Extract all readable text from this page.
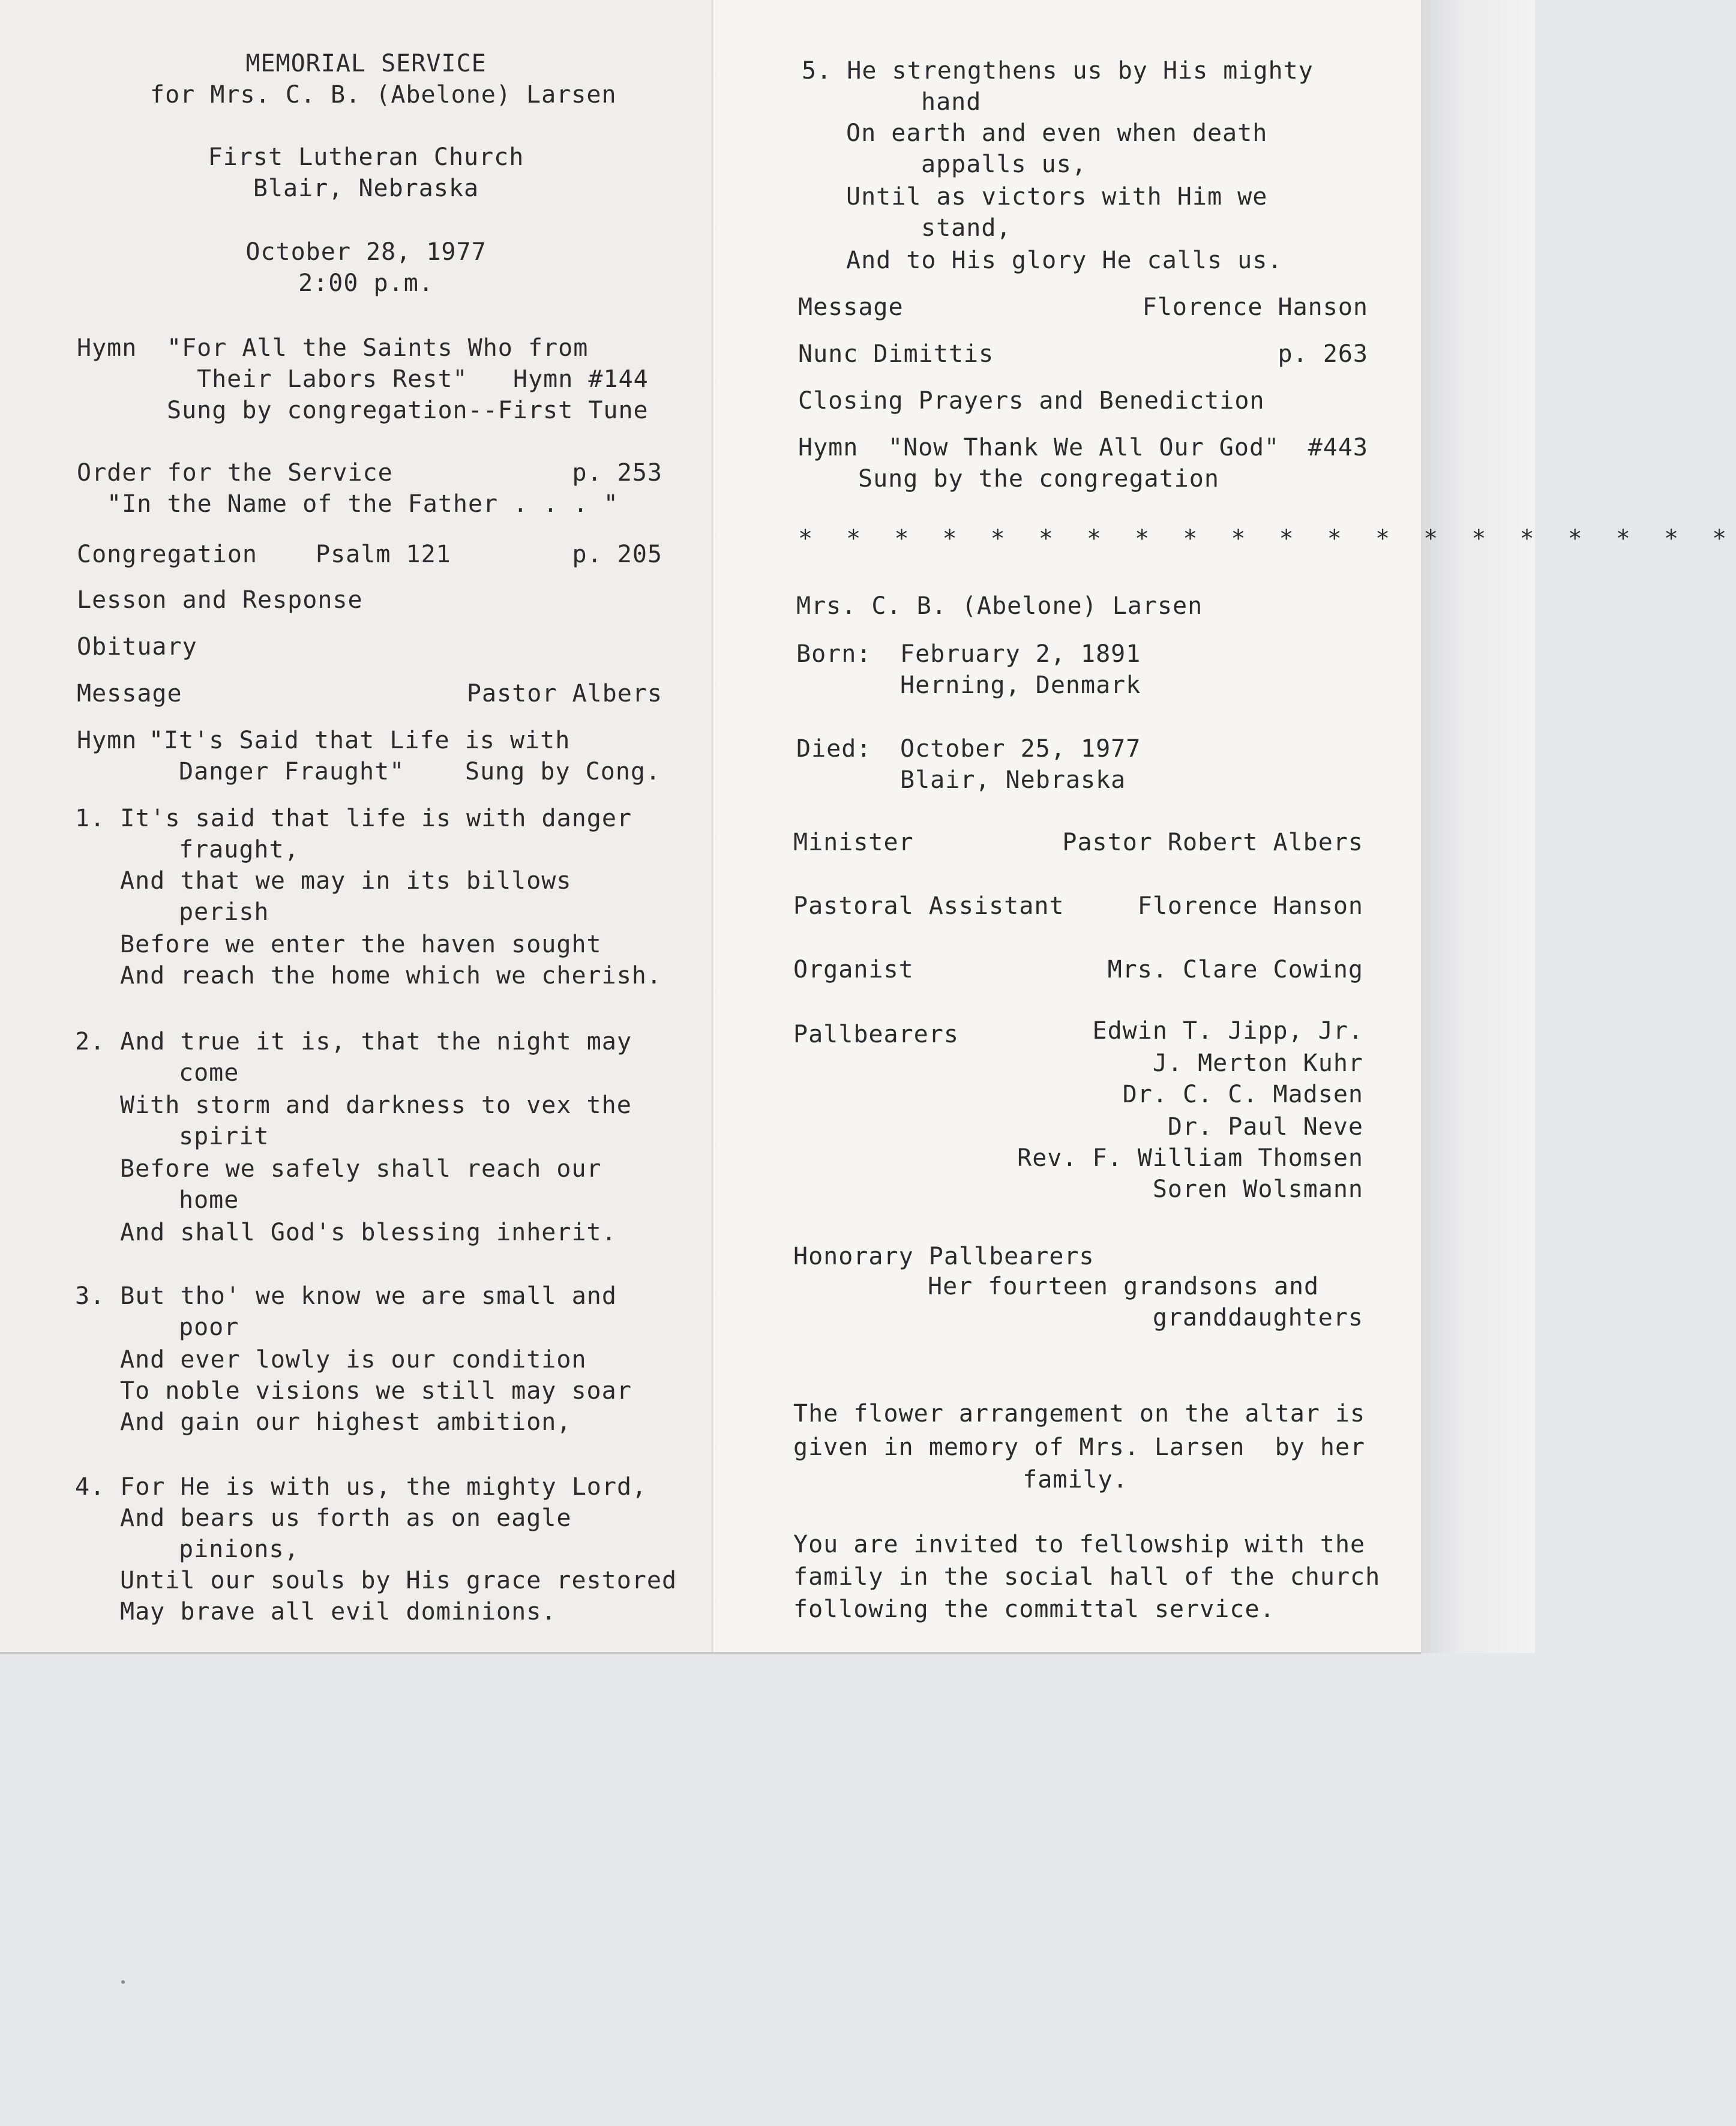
MEMORIAL SERVICE
for Mrs. C. B. (Abelone) Larsen
First Lutheran Church
Blair, Nebraska
October 28, 1977
2:00 p.m.
Hymn "For All the Saints Who from
Their Labors Rest" Hymn #144
Sung by congregation--First Tune
Order for the Service	p. 253
"In the Name of the Father . . . "
Congregation Psalm 121	p. 205
Lesson and Response
Obituary
Message	Pastor Albers
Hymn "It's Said that Life is with
Danger Fraught"	Sung by Cong.
1. It's said that life is with danger
fraught,
And that we may in its billows
perish
Before we enter the haven sought
And reach the home which we cherish.
2. And true it is, that the night may
come
With storm and darkness to vex the
spirit
Before we safely shall reach our
home
And shall God's blessing inherit.
3. But tho' we know we are small and
poor
And ever lowly is our condition
To noble visions we still may soar
And gain our highest ambition,
4. For He is with us, the mighty Lord,
And bears us forth as on eagle
pinions,
Until our souls by His grace restored
May brave all evil dominions.
5. He strengthens us by His mighty
hand
On earth and even when death
appalls us,
Until as victors with Him we
stand,
And to His glory He calls us.
Message	Florence Hanson
Nunc Dimittis	p. 263
Closing Prayers and Benediction
Hymn "Now Thank We All Our God"	#443
Sung by the congregation
* * * * * * * * * * * * * * * * * * * *
Mrs. C. B. (Abelone) Larsen
Born: February 2, 1891
Herning, Denmark
Died: October 25, 1977
Blair, Nebraska
Minister	Pastor Robert Albers
Pastoral Assistant	Florence Hanson
Organist	Mrs. Clare Cowing
Pallbearers	Edwin T. Jipp, Jr.
J. Merton Kuhr
Dr. C. C. Madsen
Dr. Paul Neve
Rev. F. William Thomsen
Soren Wolsmann
Honorary Pallbearers
Her fourteen grandsons and
granddaughters
The flower arrangement on the altar is
given in memory of Mrs. Larsen  by her
family.
You are invited to fellowship with the
family in the social hall of the church
following the committal service.
